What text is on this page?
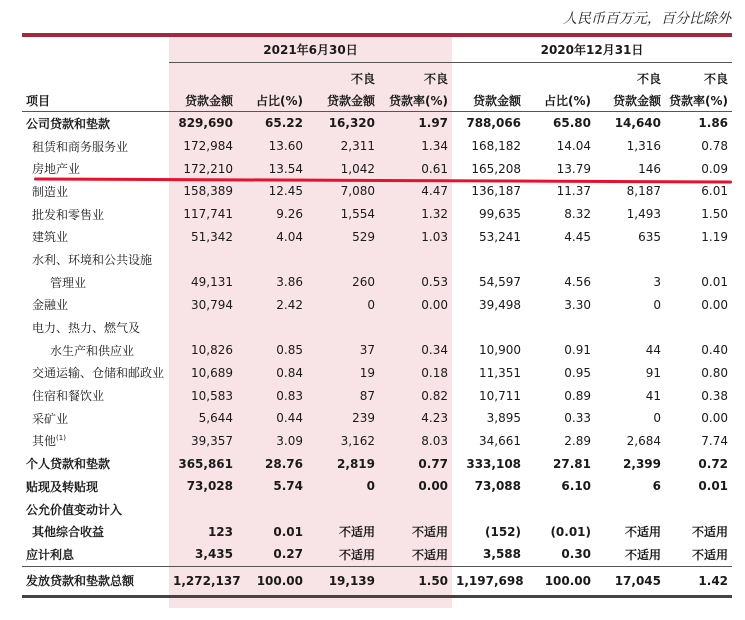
人民币百万元，百分比除外
	2021年6月30日				2020年12月31日			
			不良	不良			不良	不良
项目	贷款金额	占比(%)	贷款金额	贷款率(%)	贷款金额	占比(%)	贷款金额	贷款率(%)
公司贷款和垫款	829,690	65.22	16,320	1.97	788,066	65.80	14,640	1.86
租赁和商务服务业	172,984	13.60	2,311	1.34	168,182	14.04	1,316	0.78
房地产业	172,210	13.54	1,042	0.61	165,208	13.79	146	0.09
制造业	158,389	12.45	7,080	4.47	136,187	11.37	8,187	6.01
批发和零售业	117,741	9.26	1,554	1.32	99,635	8.32	1,493	1.50
建筑业	51,342	4.04	529	1.03	53,241	4.45	635	1.19
水利、环境和公共设施								
管理业	49,131	3.86	260	0.53	54,597	4.56	3	0.01
金融业	30,794	2.42	0	0.00	39,498	3.30	0	0.00
电力、热力、燃气及								
水生产和供应业	10,826	0.85	37	0.34	10,900	0.91	44	0.40
交通运输、仓储和邮政业	10,689	0.84	19	0.18	11,351	0.95	91	0.80
住宿和餐饮业	10,583	0.83	87	0.82	10,711	0.89	41	0.38
采矿业	5,644	0.44	239	4.23	3,895	0.33	0	0.00
其他$^{(1)}$	39,357	3.09	3,162	8.03	34,661	2.89	2,684	7.74
个人贷款和垫款	365,861	28.76	2,819	0.77	333,108	27.81	2,399	0.72
贴现及转贴现	73,028	5.74	0	0.00	73,088	6.10	6	0.01
公允价值变动计入								
其他综合收益	123	0.01	不适用	不适用	(152)	(0.01)	不适用	不适用
应计利息	3,435	0.27	不适用	不适用	3,588	0.30	不适用	不适用
发放贷款和垫款总额	1,272,137	100.00	19,139	1.50	1,197,698	100.00	17,045	1.42
